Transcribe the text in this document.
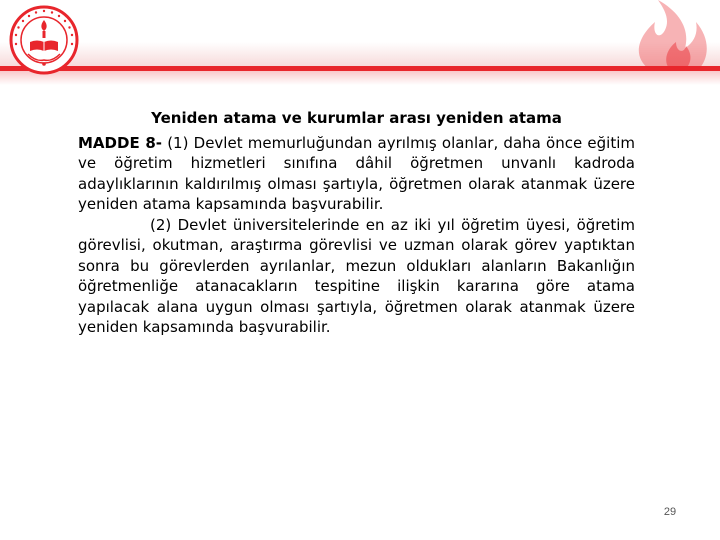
Yeniden atama ve kurumlar arası yeniden atama

MADDE 8- (1) Devlet memurluğundan ayrılmış olanlar, daha önce eğitim ve öğretim hizmetleri sınıfına dâhil öğretmen unvanlı kadroda adaylıklarının kaldırılmış olması şartıyla, öğretmen olarak atanmak üzere yeniden atama kapsamında başvurabilir.

(2) Devlet üniversitelerinde en az iki yıl öğretim üyesi, öğretim görevlisi, okutman, araştırma görevlisi ve uzman olarak görev yaptıktan sonra bu görevlerden ayrılanlar, mezun oldukları alanların Bakanlığın öğretmenliğe atanacakların tespitine ilişkin kararına göre atama yapılacak alana uygun olması şartıyla, öğretmen olarak atanmak üzere yeniden kapsamında başvurabilir.

29
